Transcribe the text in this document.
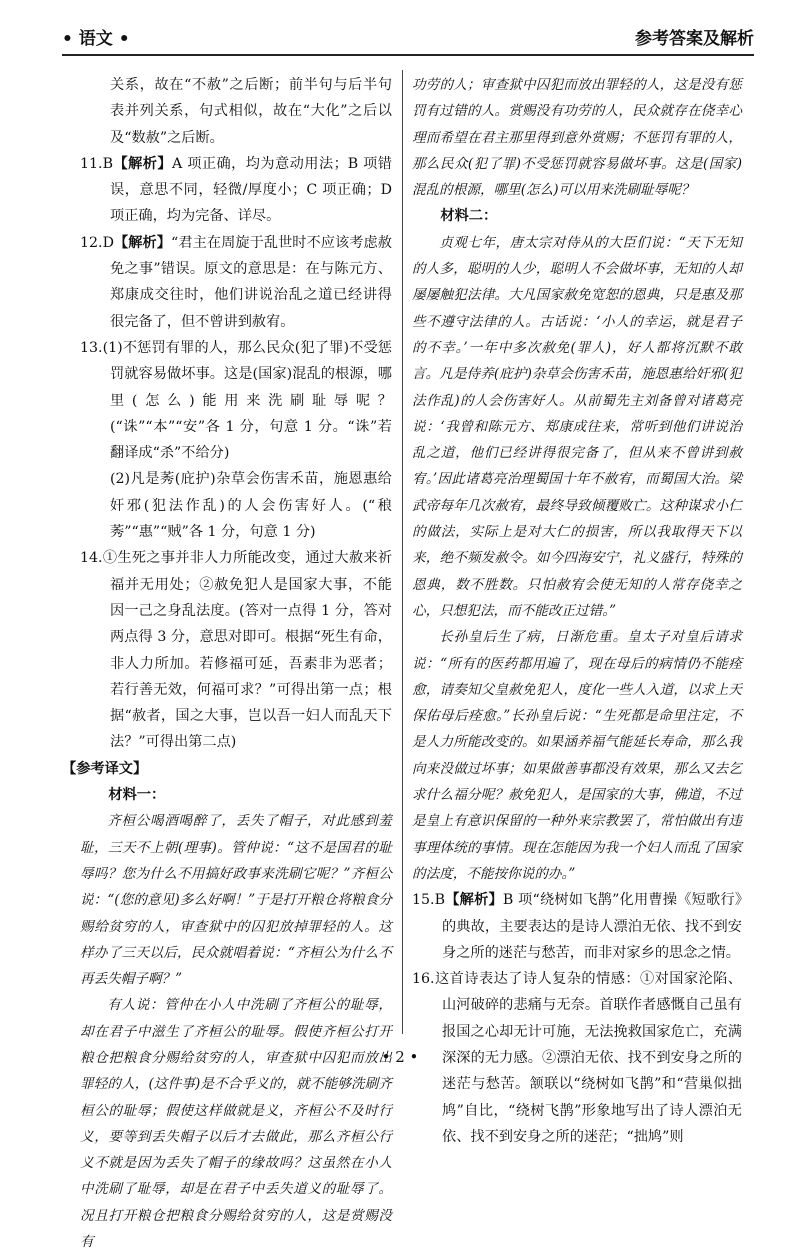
• 语文 •	参考答案及解析

关系，故在“不赦”之后断；前半句与后半句表并列关系，句式相似，故在“大化”之后以及“数赦”之后断。

11.B【解析】A 项正确，均为意动用法；B 项错误，意思不同，轻微/厚度小；C 项正确；D 项正确，均为完备、详尽。

12.D【解析】“君主在周旋于乱世时不应该考虑赦免之事”错误。原文的意思是：在与陈元方、郑康成交往时，他们讲说治乱之道已经讲得很完备了，但不曾讲到赦宥。

13.(1)不惩罚有罪的人，那么民众(犯了罪)不受惩罚就容易做坏事。这是(国家)混乱的根源，哪里(怎么)能用来洗刷耻辱呢？(“诛”“本”“安”各 1 分，句意 1 分。“诛”若翻译成“杀”不给分)

(2)凡是莠(庇护)杂草会伤害禾苗，施恩惠给奸邪(犯法作乱)的人会伤害好人。(“稂莠”“惠”“贼”各 1 分，句意 1 分)

14.①生死之事并非人力所能改变，通过大赦来祈福并无用处；②赦免犯人是国家大事，不能因一己之身乱法度。(答对一点得 1 分，答对两点得 3 分，意思对即可。根据“死生有命，非人力所加。若修福可延，吾素非为恶者；若行善无效，何福可求？”可得出第一点；根据“赦者，国之大事，岂以吾一妇人而乱天下法？”可得出第二点)

【参考译文】

材料一：

齐桓公喝酒喝醉了，丢失了帽子，对此感到羞耻，三天不上朝(理事)。管仲说：“这不是国君的耻辱吗？您为什么不用搞好政事来洗刷它呢？”齐桓公说：“(您的意见)多么好啊！”于是打开粮仓将粮食分赐给贫穷的人，审查狱中的囚犯放掉罪轻的人。这样办了三天以后，民众就唱着说：“齐桓公为什么不再丢失帽子啊？”

有人说：管仲在小人中洗刷了齐桓公的耻辱，却在君子中滋生了齐桓公的耻辱。假使齐桓公打开粮仓把粮食分赐给贫穷的人，审查狱中囚犯而放出罪轻的人，(这件事)是不合乎义的，就不能够洗刷齐桓公的耻辱；假使这样做就是义，齐桓公不及时行义，要等到丢失帽子以后才去做此，那么齐桓公行义不就是因为丢失了帽子的缘故吗？这虽然在小人中洗刷了耻辱，却是在君子中丢失道义的耻辱了。况且打开粮仓把粮食分赐给贫穷的人，这是赏赐没有

功劳的人；审查狱中囚犯而放出罪轻的人，这是没有惩罚有过错的人。赏赐没有功劳的人，民众就存在侥幸心理而希望在君主那里得到意外赏赐；不惩罚有罪的人，那么民众(犯了罪)不受惩罚就容易做坏事。这是(国家)混乱的根源，哪里(怎么)可以用来洗刷耻辱呢？

材料二：

贞观七年，唐太宗对侍从的大臣们说：“天下无知的人多，聪明的人少，聪明人不会做坏事，无知的人却屡屡触犯法律。大凡国家赦免宽恕的恩典，只是惠及那些不遵守法律的人。古话说：‘小人的幸运，就是君子的不幸。’一年中多次赦免(罪人)，好人都将沉默不敢言。凡是侍养(庇护)杂草会伤害禾苗，施恩惠给奸邪(犯法作乱)的人会伤害好人。从前蜀先主刘备曾对诸葛亮说：‘我曾和陈元方、郑康成往来，常听到他们讲说治乱之道，他们已经讲得很完备了，但从来不曾讲到赦宥。’因此诸葛亮治理蜀国十年不赦宥，而蜀国大治。梁武帝每年几次赦宥，最终导致倾覆败亡。这种谋求小仁的做法，实际上是对大仁的损害，所以我取得天下以来，绝不频发赦令。如今四海安宁，礼义盛行，特殊的恩典，数不胜数。只怕赦宥会使无知的人常存侥幸之心，只想犯法，而不能改正过错。”

长孙皇后生了病，日渐危重。皇太子对皇后请求说：“所有的医药都用遍了，现在母后的病情仍不能痊愈，请奏知父皇赦免犯人，度化一些人入道，以求上天保佑母后痊愈。”长孙皇后说：“生死都是命里注定，不是人力所能改变的。如果涵养福气能延长寿命，那么我向来没做过坏事；如果做善事都没有效果，那么又去乞求什么福分呢？赦免犯人，是国家的大事，佛道，不过是皇上有意识保留的一种外来宗教罢了，常怕做出有违事理体统的事情。现在怎能因为我一个妇人而乱了国家的法度，不能按你说的办。”

15.B【解析】B 项“绕树如飞鹊”化用曹操《短歌行》的典故，主要表达的是诗人漂泊无依、找不到安身之所的迷茫与愁苦，而非对家乡的思念之情。

16.这首诗表达了诗人复杂的情感：①对国家沦陷、山河破碎的悲痛与无奈。首联作者感慨自己虽有报国之心却无计可施，无法挽救国家危亡，充满深深的无力感。②漂泊无依、找不到安身之所的迷茫与愁苦。颔联以“绕树如飞鹊”和“营巢似拙鸠”自比，“绕树飞鹊”形象地写出了诗人漂泊无依、找不到安身之所的迷茫；“拙鸠”则

• 2 •
